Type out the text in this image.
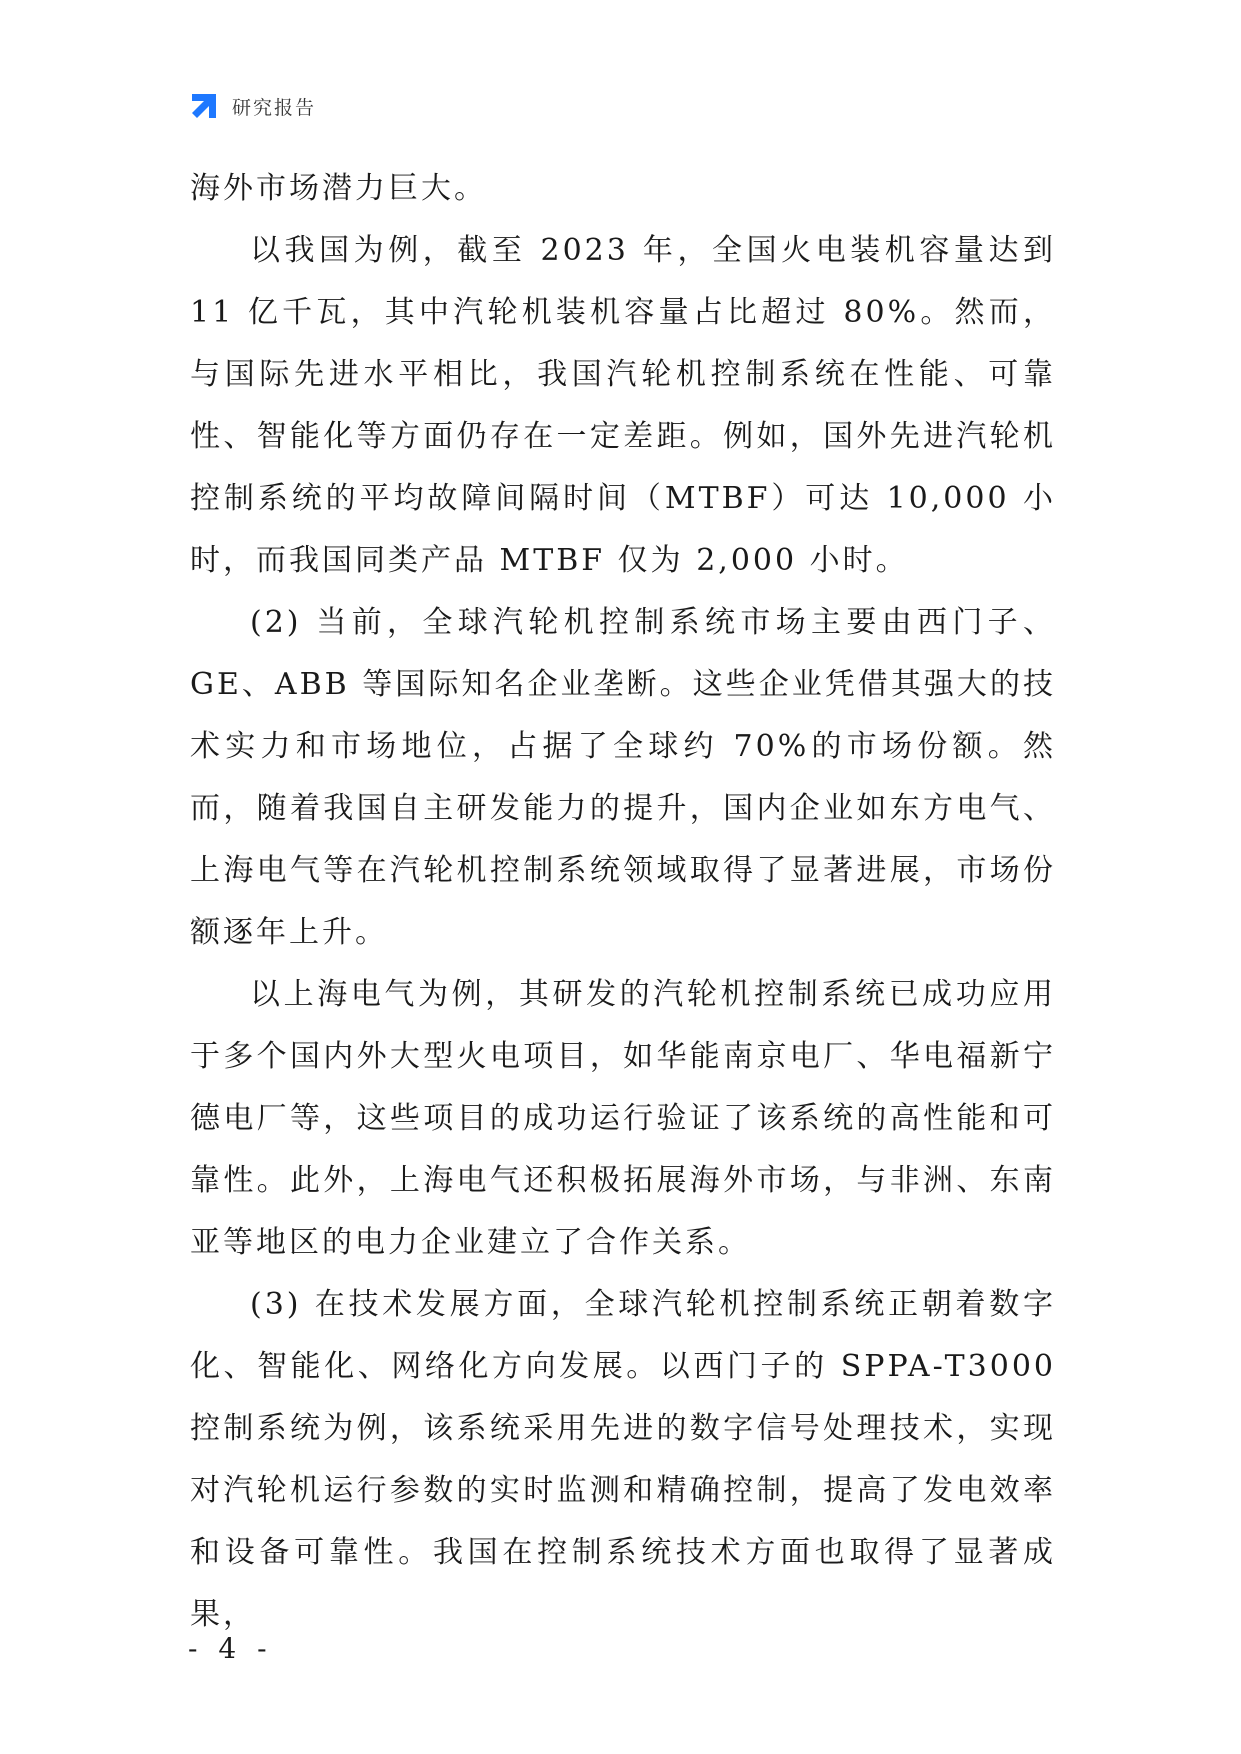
研究报告

海外市场潜力巨大。

以我国为例，截至 2023 年，全国火电装机容量达到 11 亿千瓦，其中汽轮机装机容量占比超过 80%。然而，与国际先进水平相比，我国汽轮机控制系统在性能、可靠性、智能化等方面仍存在一定差距。例如，国外先进汽轮机控制系统的平均故障间隔时间（MTBF）可达 10,000 小时，而我国同类产品 MTBF 仅为 2,000 小时。

(2) 当前，全球汽轮机控制系统市场主要由西门子、GE、ABB 等国际知名企业垄断。这些企业凭借其强大的技术实力和市场地位，占据了全球约 70%的市场份额。然而，随着我国自主研发能力的提升，国内企业如东方电气、上海电气等在汽轮机控制系统领域取得了显著进展，市场份额逐年上升。

以上海电气为例，其研发的汽轮机控制系统已成功应用于多个国内外大型火电项目，如华能南京电厂、华电福新宁德电厂等，这些项目的成功运行验证了该系统的高性能和可靠性。此外，上海电气还积极拓展海外市场，与非洲、东南亚等地区的电力企业建立了合作关系。

(3) 在技术发展方面，全球汽轮机控制系统正朝着数字化、智能化、网络化方向发展。以西门子的 SPPA-T3000 控制系统为例，该系统采用先进的数字信号处理技术，实现对汽轮机运行参数的实时监测和精确控制，提高了发电效率和设备可靠性。我国在控制系统技术方面也取得了显著成果，

- 4 -
